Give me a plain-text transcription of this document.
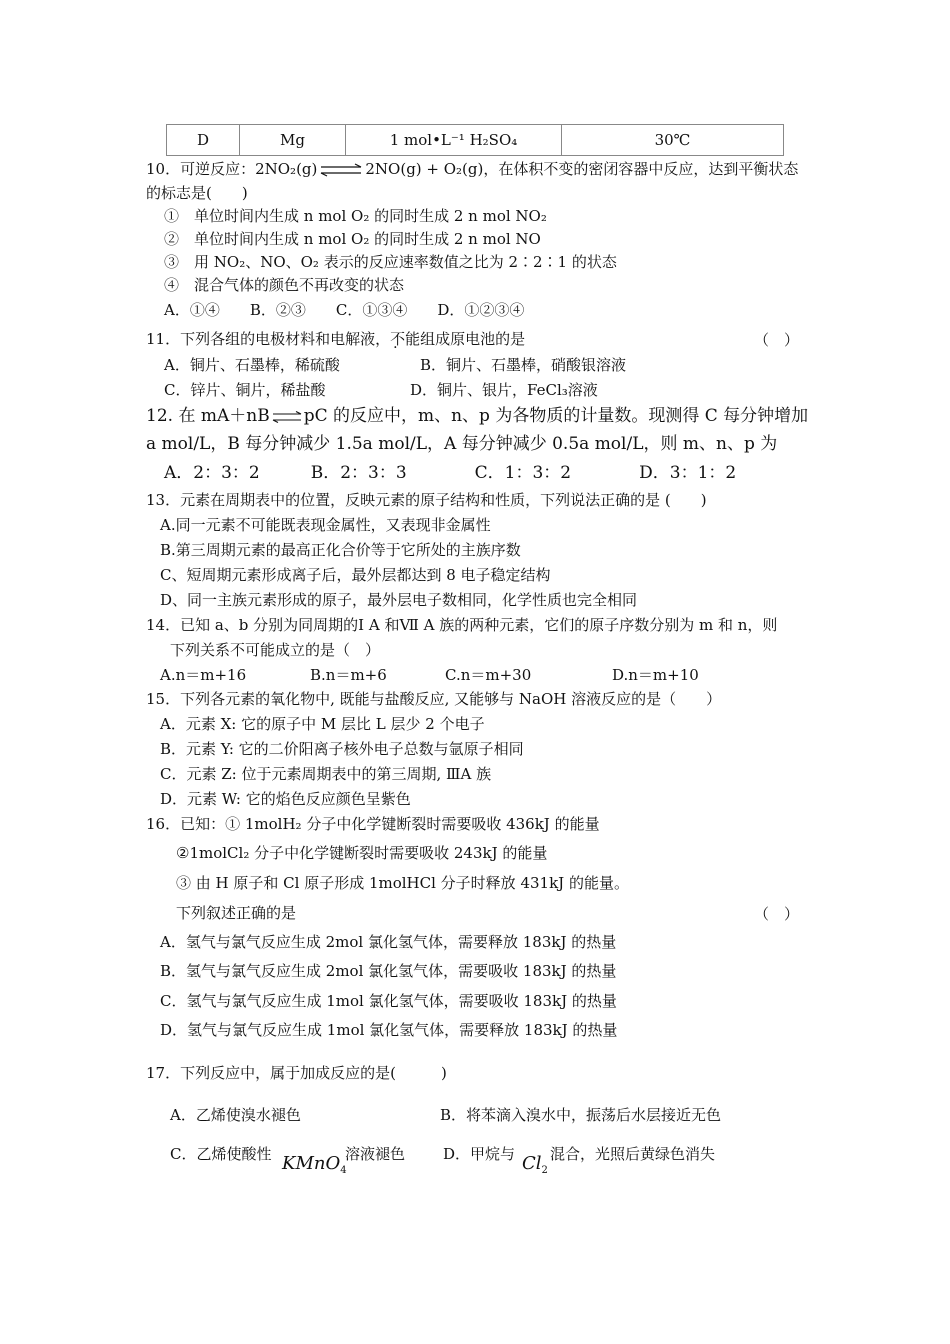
D	Mg	1 mol•L⁻¹ H₂SO₄	30℃
10．可逆反应：2NO₂(g) ⇌ 2NO(g) + O₂(g)，在体积不变的密闭容器中反应，达到平衡状态
的标志是(　　)
①　单位时间内生成 n mol O₂ 的同时生成 2 n mol NO₂
②　单位时间内生成 n mol O₂ 的同时生成 2 n mol NO
③　用 NO₂、NO、O₂ 表示的反应速率数值之比为 2∶2∶1 的状态
④　混合气体的颜色不再改变的状态
A．①④　　B．②③　　C．①③④　　D．①②③④
11．下列各组的电极材料和电解液，不能组成原电池的是	（　）
A．铜片、石墨棒，稀硫酸	B．铜片、石墨棒，硝酸银溶液
C．锌片、铜片，稀盐酸	D．铜片、银片，FeCl₃溶液
12. 在 mA＋nB ⇌ pC 的反应中，m、n、p 为各物质的计量数。现测得 C 每分钟增加
a mol/L，B 每分钟减少 1.5a mol/L，A 每分钟减少 0.5a mol/L，则 m、n、p 为
A．2：3：2　　　B．2：3：3　　　　C．1：3：2　　　　D．3：1：2
13．元素在周期表中的位置，反映元素的原子结构和性质，下列说法正确的是 (　　)
A.同一元素不可能既表现金属性，又表现非金属性
B.第三周期元素的最高正化合价等于它所处的主族序数
C、短周期元素形成离子后，最外层都达到 8 电子稳定结构
D、同一主族元素形成的原子，最外层电子数相同，化学性质也完全相同
14．已知 a、b 分别为同周期的Ⅰ A 和Ⅶ A 族的两种元素，它们的原子序数分别为 m 和 n，则
下列关系不可能成立的是（　）
A.n＝m+16	B.n＝m+6	C.n＝m+30	D.n＝m+10
15．下列各元素的氧化物中, 既能与盐酸反应, 又能够与 NaOH 溶液反应的是（　　）
A．元素 X: 它的原子中 M 层比 L 层少 2 个电子
B．元素 Y: 它的二价阳离子核外电子总数与氩原子相同
C．元素 Z: 位于元素周期表中的第三周期, ⅢA 族
D．元素 W: 它的焰色反应颜色呈紫色
16．已知：① 1molH₂ 分子中化学键断裂时需要吸收 436kJ 的能量
②1molCl₂ 分子中化学键断裂时需要吸收 243kJ 的能量
③ 由 H 原子和 Cl 原子形成 1molHCl 分子时释放 431kJ 的能量。
下列叙述正确的是	（　）
A．氢气与氯气反应生成 2mol 氯化氢气体，需要释放 183kJ 的热量
B．氢气与氯气反应生成 2mol 氯化氢气体，需要吸收 183kJ 的热量
C．氢气与氯气反应生成 1mol 氯化氢气体，需要吸收 183kJ 的热量
D．氢气与氯气反应生成 1mol 氯化氢气体，需要释放 183kJ 的热量
17．下列反应中，属于加成反应的是(　　　)
A．乙烯使溴水褪色	B．将苯滴入溴水中，振荡后水层接近无色
C．乙烯使酸性 KMnO$_4$
溶液褪色	D．甲烷与 $Cl_2$
混合，光照后黄绿色消失
